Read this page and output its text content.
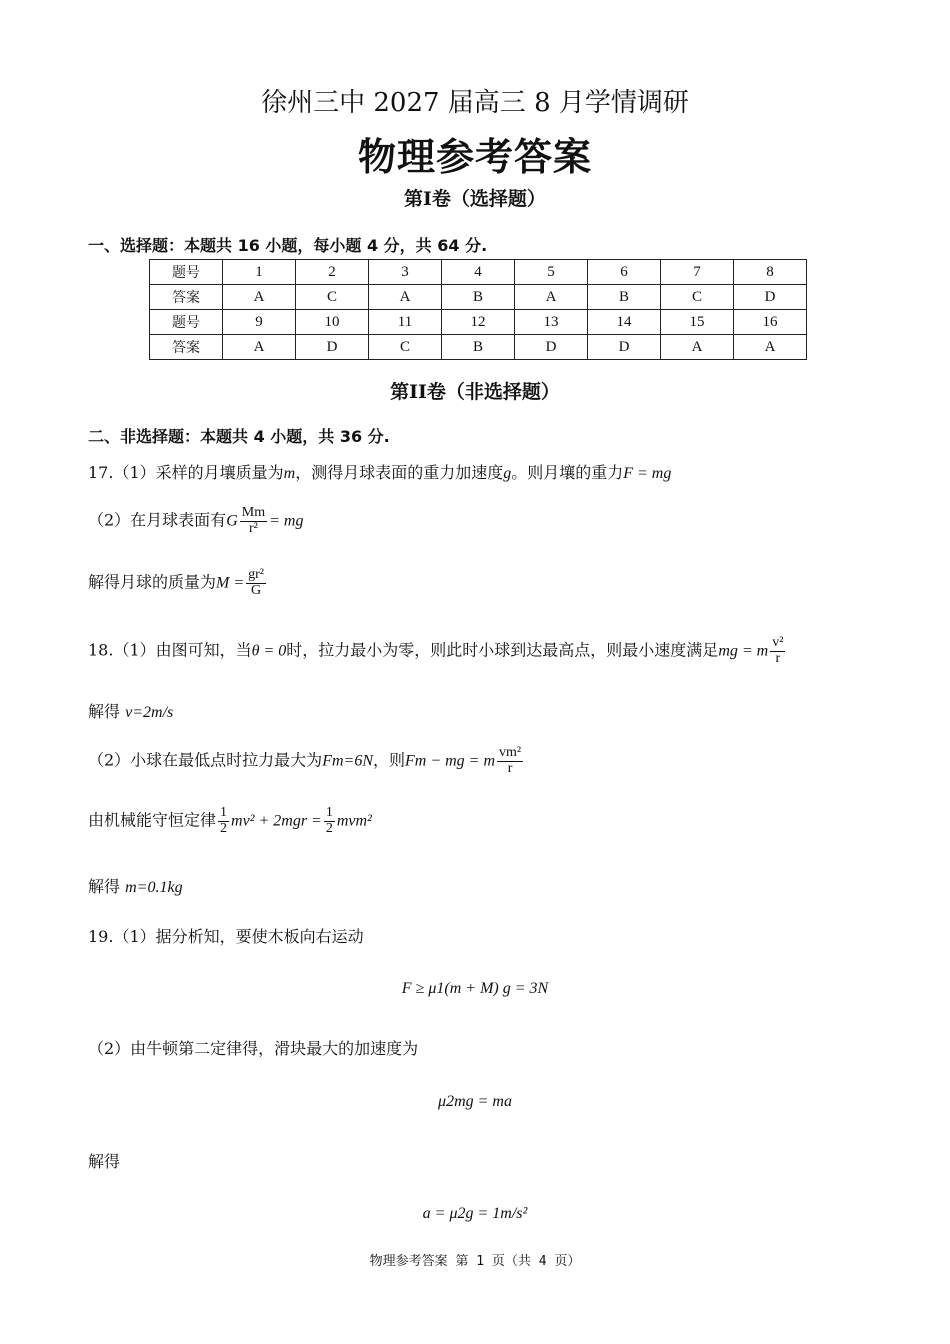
徐州三中 2027 届高三 8 月学情调研
物理参考答案
第I卷（选择题）
一、选择题：本题共 16 小题，每小题 4 分，共 64 分.
题号	1	2	3	4	5	6	7	8
答案	A	C	A	B	A	B	C	D
题号	9	10	11	12	13	14	15	16
答案	A	D	C	B	D	D	A	A
第II卷（非选择题）
二、非选择题：本题共 4 小题，共 36 分.
17.（1）采样的月壤质量为m，测得月球表面的重力加速度g。则月壤的重力F = mg
（2）在月球表面有G $\frac{Mm}{\text{r²}}$ = mg
解得月球的质量为$M = \frac{\text{gr²}}{G}$
18.（1）由图可知，当θ = 0时，拉力最小为零，则此时小球到达最高点，则最小速度满足mg = m $\frac{\text{v²}}{r}$
解得 v=2m/s
（2）小球在最低点时拉力最大为Fm=6N，则Fm − mg = m $\frac{\text{vm²}}{r}$
由机械能守恒定律 $\frac{1}{2} mv^2 + 2mgr = \frac{1}{2} mvm^2$
解得 m=0.1kg
19.（1）据分析知，要使木板向右运动
F ≥ μ1(m + M) g = 3N
（2）由牛顿第二定律得，滑块最大的加速度为
μ2mg = ma
解得
a = μ2g = 1m/s²
物理参考答案 第 1 页（共 4 页）
